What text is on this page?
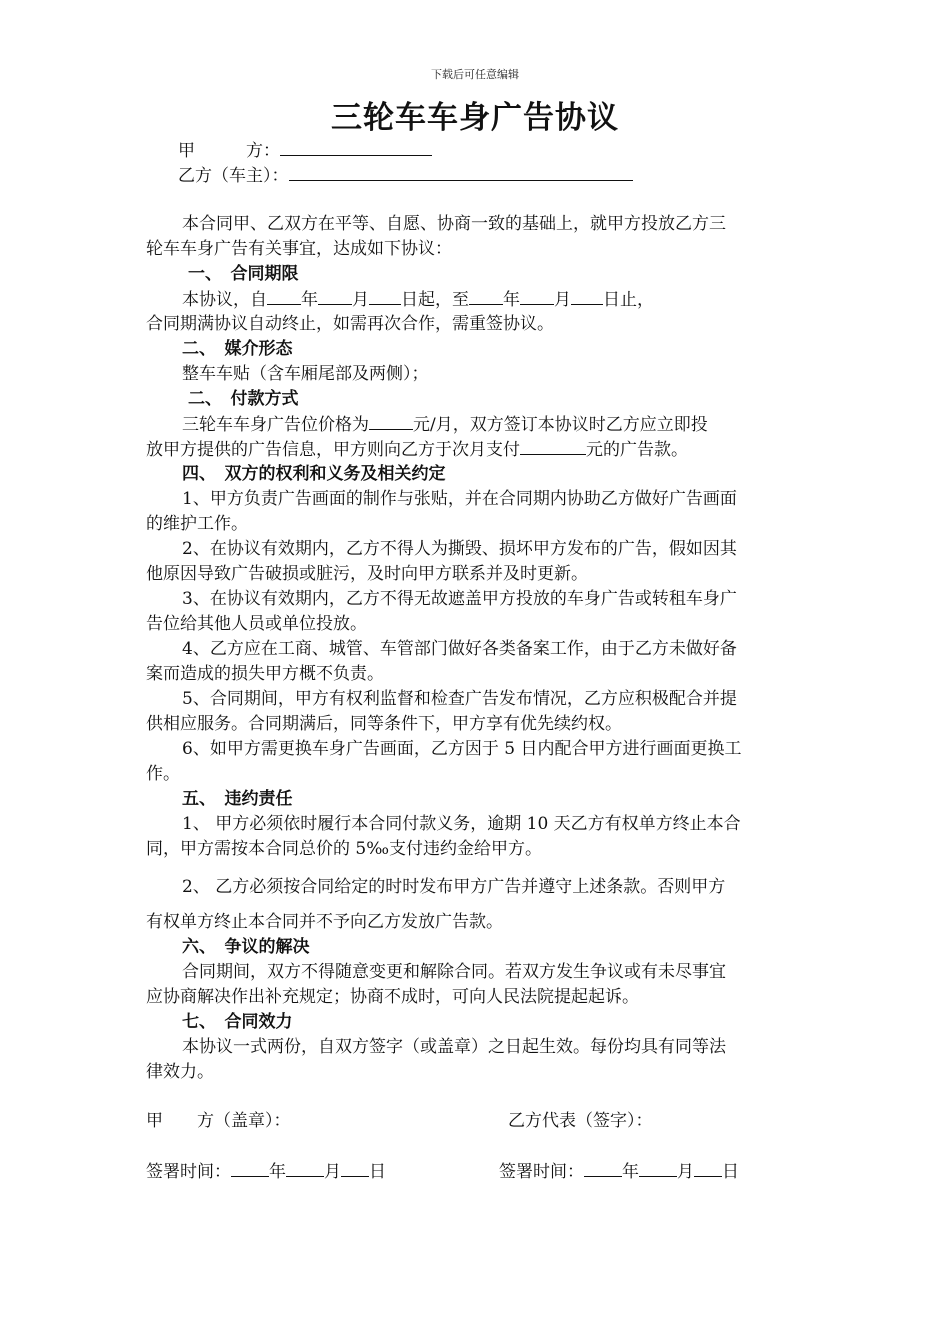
下载后可任意编辑
三轮车车身广告协议
甲　　　方：
乙方（车主）：
本合同甲、乙双方在平等、自愿、协商一致的基础上，就甲方投放乙方三
轮车车身广告有关事宜，达成如下协议：
一、　合同期限
本协议，自 年 月 日起，至 年 月 日止，
合同期满协议自动终止，如需再次合作，需重签协议。
二、　媒介形态
整车车贴（含车厢尾部及两侧）；
二、　付款方式
三轮车车身广告位价格为	元/月，双方签订本协议时乙方应立即投
放甲方提供的广告信息，甲方则向乙方于次月支付	元的广告款。
四、　双方的权利和义务及相关约定
1、甲方负责广告画面的制作与张贴，并在合同期内协助乙方做好广告画面
的维护工作。
2、在协议有效期内，乙方不得人为撕毁、损坏甲方发布的广告，假如因其
他原因导致广告破损或脏污，及时向甲方联系并及时更新。
3、在协议有效期内，乙方不得无故遮盖甲方投放的车身广告或转租车身广
告位给其他人员或单位投放。
4、乙方应在工商、城管、车管部门做好各类备案工作，由于乙方未做好备
案而造成的损失甲方概不负责。
5、合同期间，甲方有权利监督和检查广告发布情况，乙方应积极配合并提
供相应服务。合同期满后，同等条件下，甲方享有优先续约权。
6、如甲方需更换车身广告画面，乙方因于 5 日内配合甲方进行画面更换工
作。
五、　违约责任
1、 甲方必须依时履行本合同付款义务，逾期 10 天乙方有权单方终止本合
同，甲方需按本合同总价的 5‰支付违约金给甲方。
2、 乙方必须按合同给定的时时发布甲方广告并遵守上述条款。否则甲方
有权单方终止本合同并不予向乙方发放广告款。
六、　争议的解决
合同期间，双方不得随意变更和解除合同。若双方发生争议或有未尽事宜
应协商解决作出补充规定；协商不成时，可向人民法院提起起诉。
七、　合同效力
本协议一式两份，自双方签字（或盖章）之日起生效。每份均具有同等法
律效力。
甲　　方（盖章）：	乙方代表（签字）：
签署时间： 年 月 日	签署时间： 年 月 日
